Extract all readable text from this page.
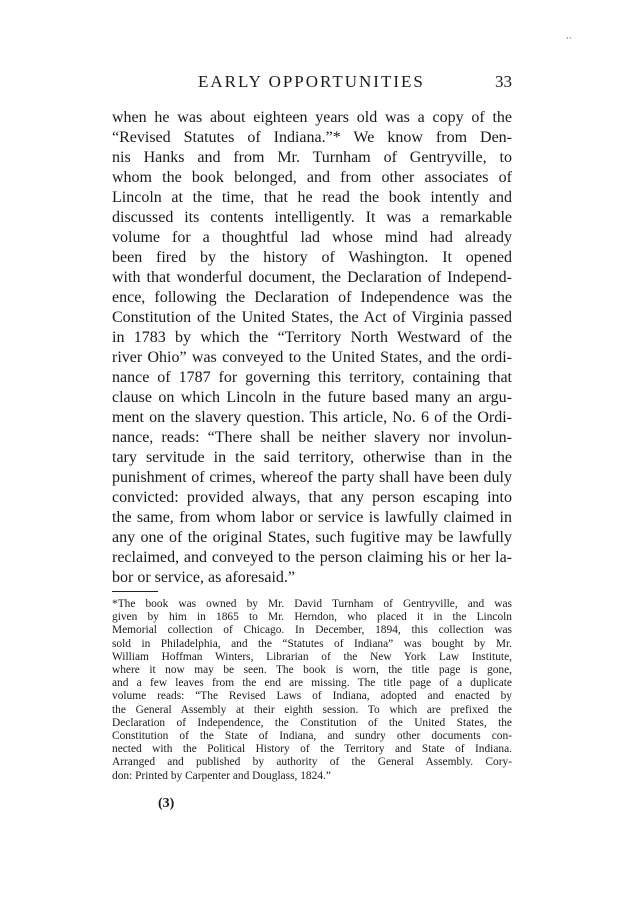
··
EARLY OPPORTUNITIES	33
when he was about eighteen years old was a copy of the
“Revised Statutes of Indiana.”* We know from Den-
nis Hanks and from Mr. Turnham of Gentryville, to
whom the book belonged, and from other associates of
Lincoln at the time, that he read the book intently and
discussed its contents intelligently. It was a remarkable
volume for a thoughtful lad whose mind had already
been fired by the history of Washington. It opened
with that wonderful document, the Declaration of Independ-
ence, following the Declaration of Independence was the
Constitution of the United States, the Act of Virginia passed
in 1783 by which the “Territory North Westward of the
river Ohio” was conveyed to the United States, and the ordi-
nance of 1787 for governing this territory, containing that
clause on which Lincoln in the future based many an argu-
ment on the slavery question. This article, No. 6 of the Ordi-
nance, reads: “There shall be neither slavery nor involun-
tary servitude in the said territory, otherwise than in the
punishment of crimes, whereof the party shall have been duly
convicted: provided always, that any person escaping into
the same, from whom labor or service is lawfully claimed in
any one of the original States, such fugitive may be lawfully
reclaimed, and conveyed to the person claiming his or her la-
bor or service, as aforesaid.”
*The book was owned by Mr. David Turnham of Gentryville, and was
given by him in 1865 to Mr. Herndon, who placed it in the Lincoln
Memorial collection of Chicago. In December, 1894, this collection was
sold in Philadelphia, and the “Statutes of Indiana” was bought by Mr.
William Hoffman Winters, Librarian of the New York Law Institute,
where it now may be seen. The book is worn, the title page is gone,
and a few leaves from the end are missing. The title page of a duplicate
volume reads: “The Revised Laws of Indiana, adopted and enacted by
the General Assembly at their eighth session. To which are prefixed the
Declaration of Independence, the Constitution of the United States, the
Constitution of the State of Indiana, and sundry other documents con-
nected with the Political History of the Territory and State of Indiana.
Arranged and published by authority of the General Assembly. Cory-
don: Printed by Carpenter and Douglass, 1824.”
(3)
